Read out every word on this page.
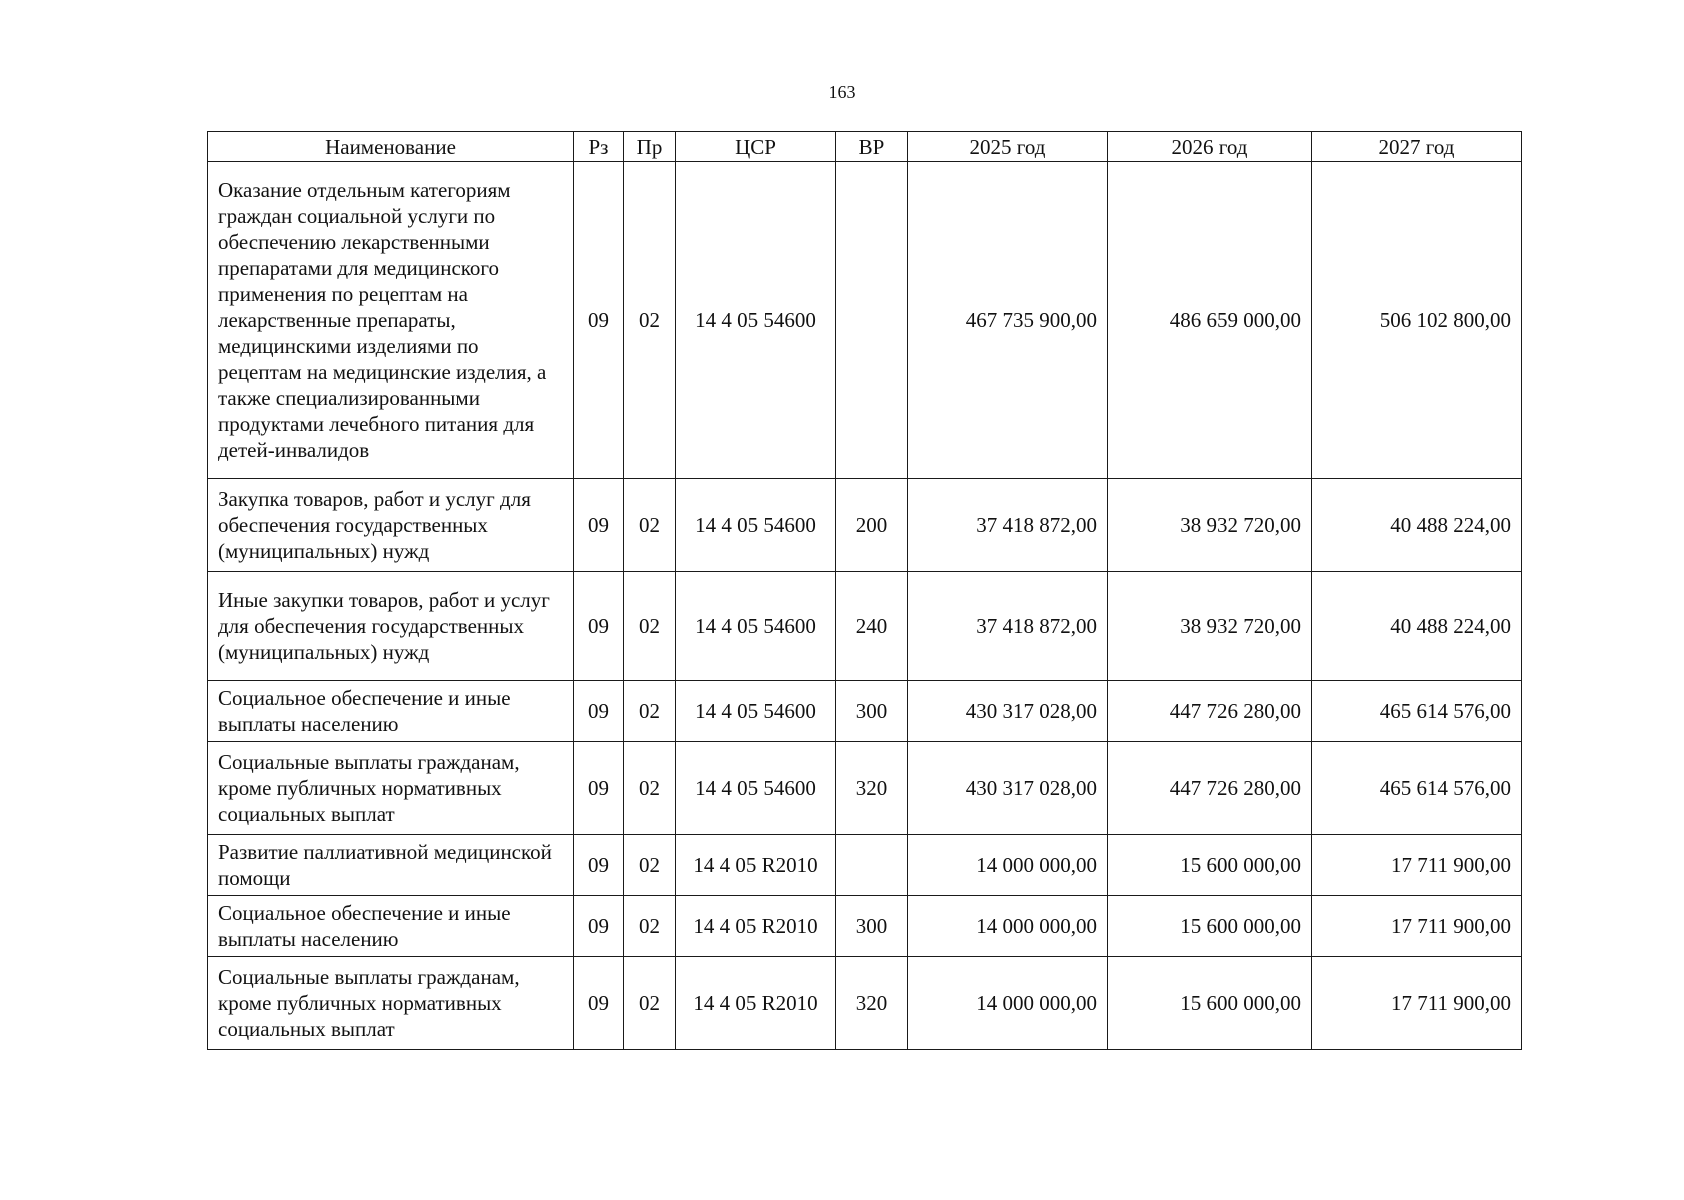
163
Наименование	Рз	Пр	ЦСР	ВР	2025 год	2026 год	2027 год
Оказание отдельным категориям граждан социальной услуги по обеспечению лекарственными препаратами для медицинского применения по рецептам на лекарственные препараты, медицинскими изделиями по рецептам на медицинские изделия, а также специализированными продуктами лечебного питания для детей-инвалидов	09	02	14 4 05 54600		467 735 900,00	486 659 000,00	506 102 800,00
Закупка товаров, работ и услуг для обеспечения государственных (муниципальных) нужд	09	02	14 4 05 54600	200	37 418 872,00	38 932 720,00	40 488 224,00
Иные закупки товаров, работ и услуг для обеспечения государственных (муниципальных) нужд	09	02	14 4 05 54600	240	37 418 872,00	38 932 720,00	40 488 224,00
Социальное обеспечение и иные выплаты населению	09	02	14 4 05 54600	300	430 317 028,00	447 726 280,00	465 614 576,00
Социальные выплаты гражданам, кроме публичных нормативных социальных выплат	09	02	14 4 05 54600	320	430 317 028,00	447 726 280,00	465 614 576,00
Развитие паллиативной медицинской помощи	09	02	14 4 05 R2010		14 000 000,00	15 600 000,00	17 711 900,00
Социальное обеспечение и иные выплаты населению	09	02	14 4 05 R2010	300	14 000 000,00	15 600 000,00	17 711 900,00
Социальные выплаты гражданам, кроме публичных нормативных социальных выплат	09	02	14 4 05 R2010	320	14 000 000,00	15 600 000,00	17 711 900,00
